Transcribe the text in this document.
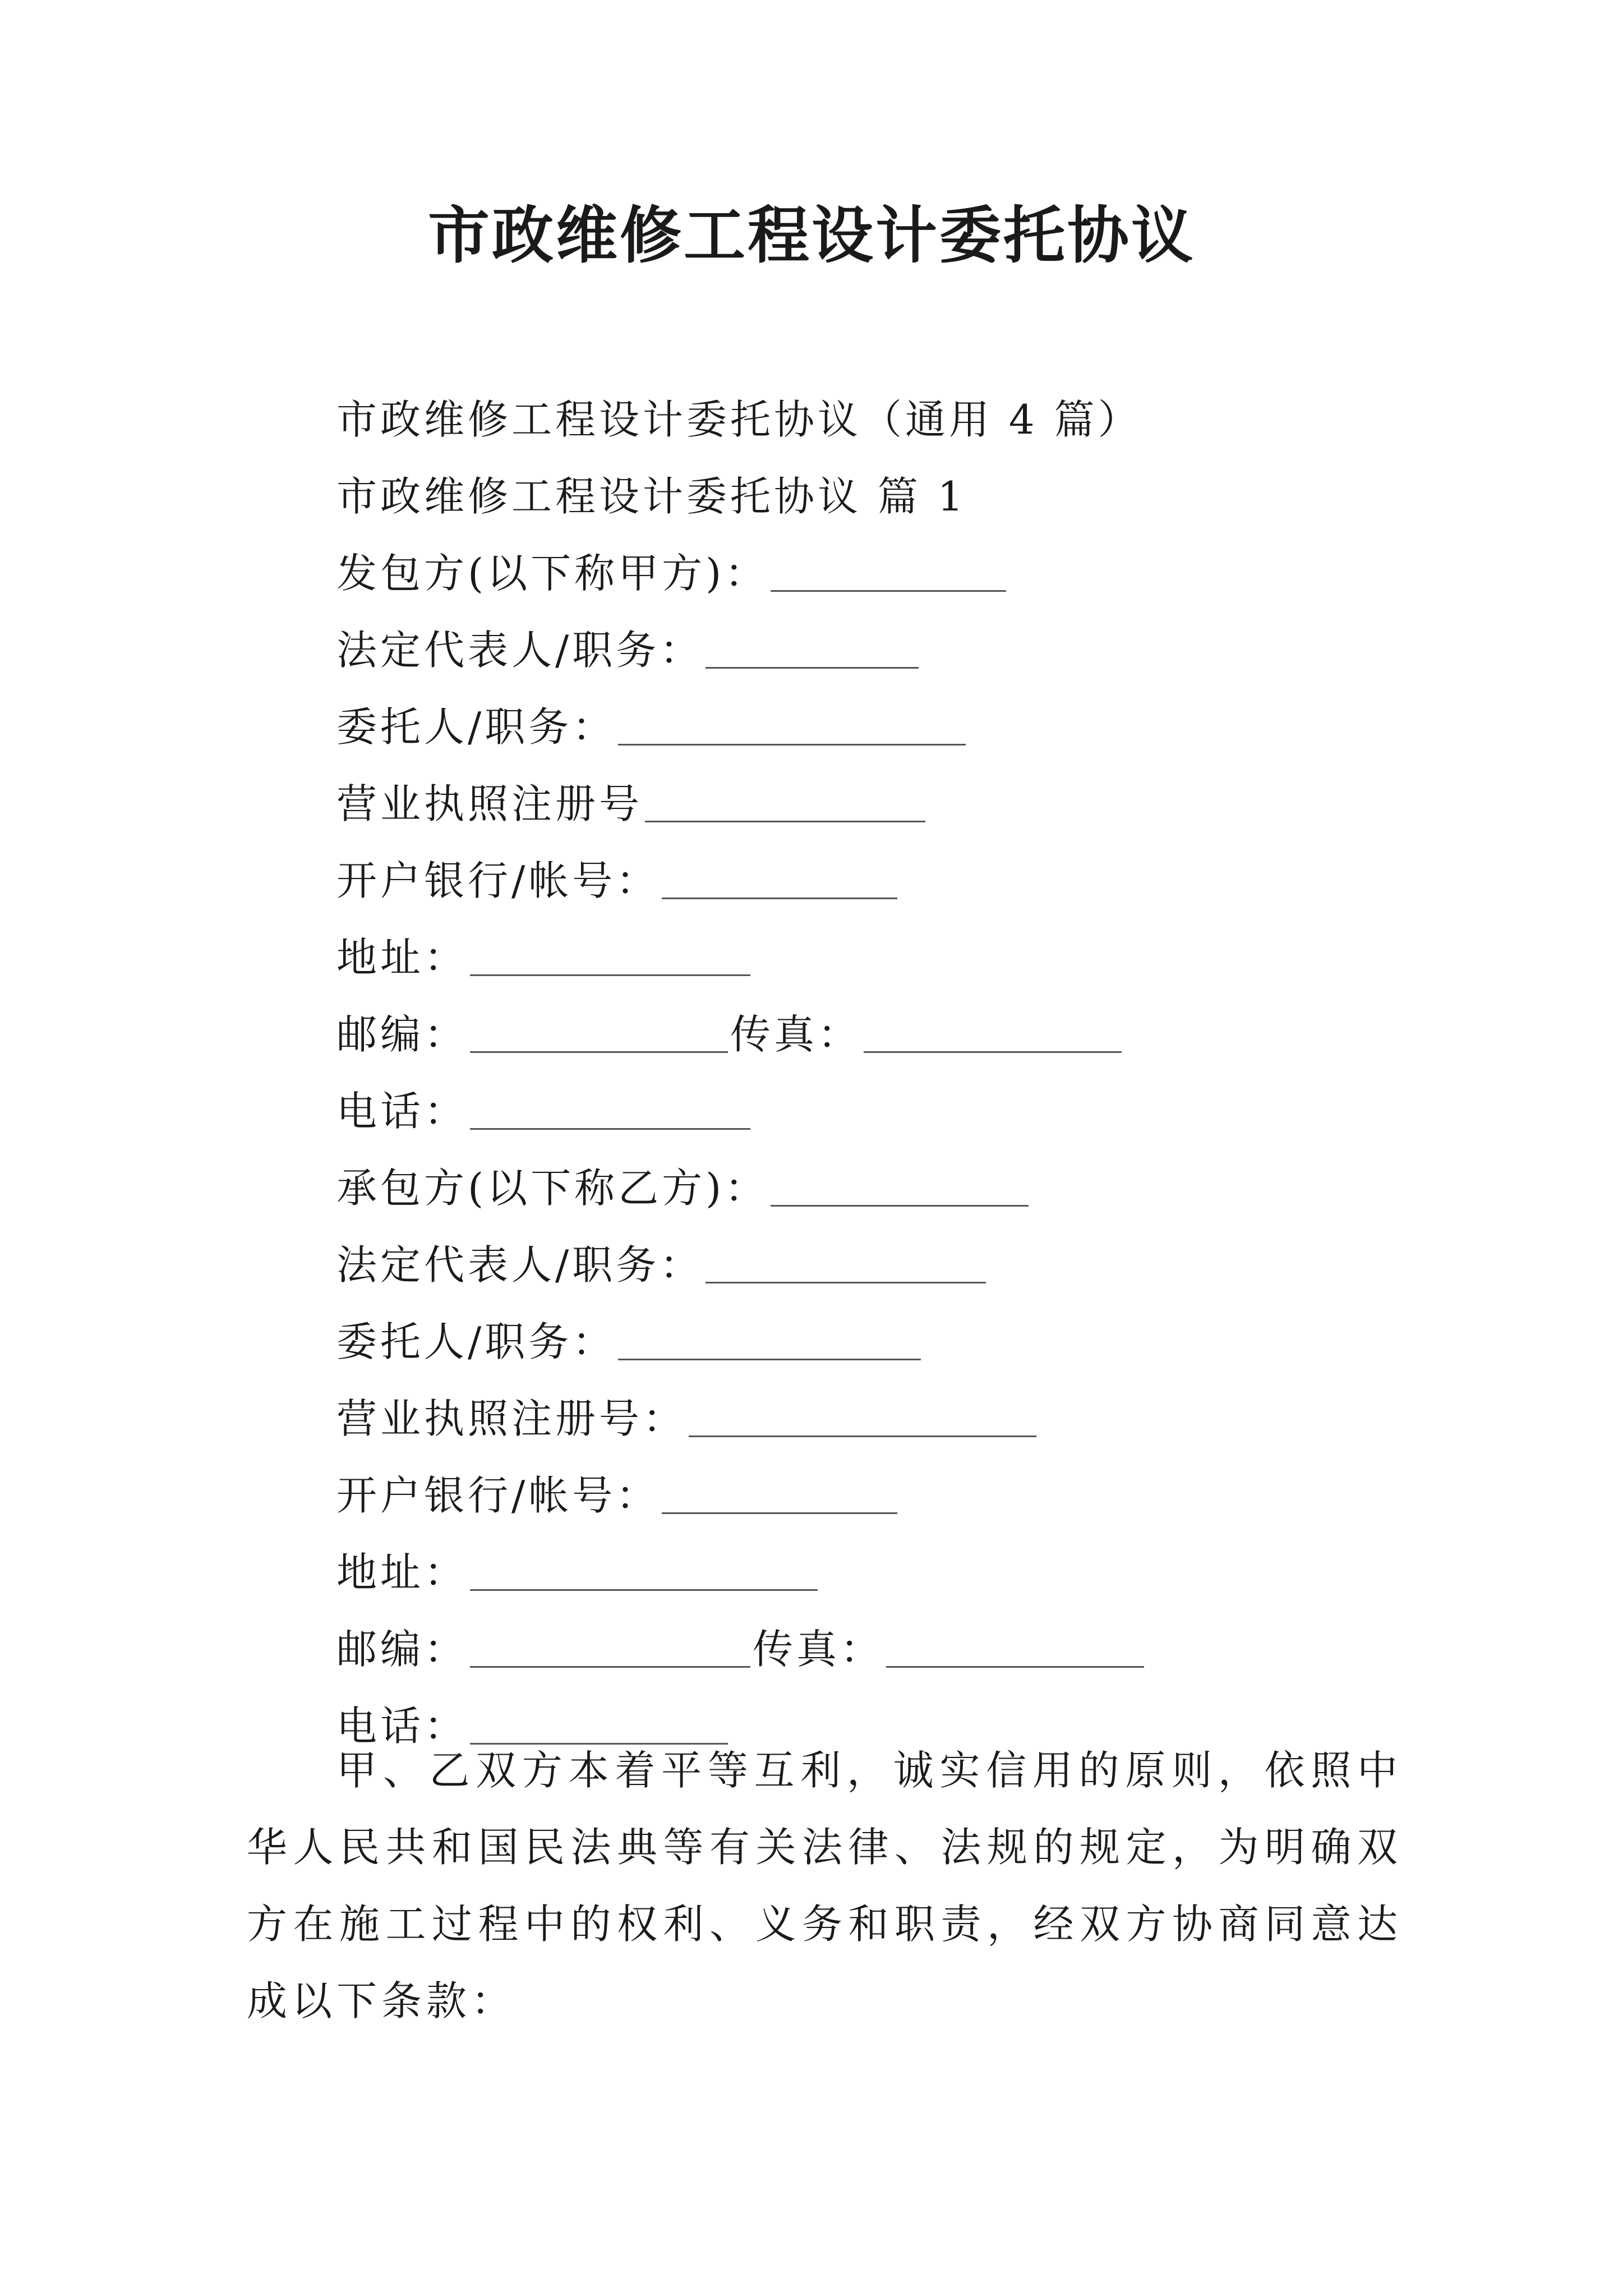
市政维修工程设计委托协议
市政维修工程设计委托协议（通用 4 篇）
市政维修工程设计委托协议 篇 1
发包方(以下称甲方)：
法定代表人/职务：
委托人/职务：
营业执照注册号
开户银行/帐号：
地址：
邮编：	传真：
电话：
承包方(以下称乙方)：
法定代表人/职务：
委托人/职务：
营业执照注册号：
开户银行/帐号：
地址：
邮编：	传真：
电话：

甲、乙双方本着平等互利，诚实信用的原则，依照中华人民共和国民法典等有关法律、法规的规定，为明确双方在施工过程中的权利、义务和职责，经双方协商同意达成以下条款：
